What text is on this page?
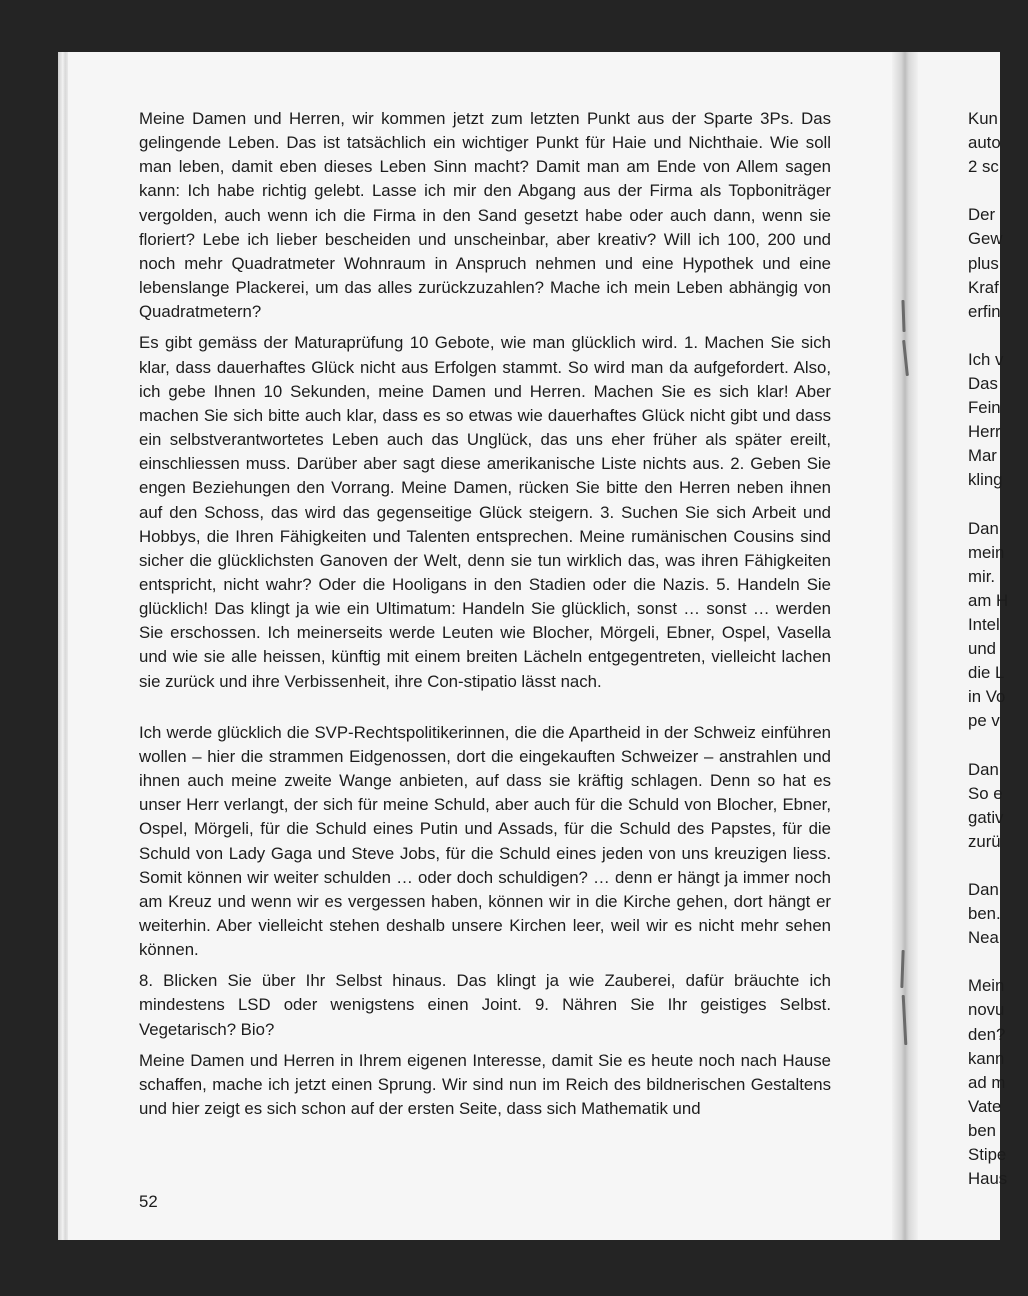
Meine Damen und Herren, wir kommen jetzt zum letzten Punkt aus der Sparte 3Ps. Das gelingende Leben. Das ist tatsächlich ein wichtiger Punkt für Haie und Nichthaie. Wie soll man leben, damit eben dieses Leben Sinn macht? Damit man am Ende von Allem sagen kann: Ich habe richtig gelebt. Lasse ich mir den Abgang aus der Firma als Topboniträger vergolden, auch wenn ich die Firma in den Sand gesetzt habe oder auch dann, wenn sie floriert? Lebe ich lieber bescheiden und unscheinbar, aber kreativ? Will ich 100, 200 und noch mehr Quadratmeter Wohnraum in Anspruch nehmen und eine Hypothek und eine lebenslange Plackerei, um das alles zurückzuzahlen? Mache ich mein Leben abhängig von Quadratmetern?

Es gibt gemäss der Maturaprüfung 10 Gebote, wie man glücklich wird. 1. Machen Sie sich klar, dass dauerhaftes Glück nicht aus Erfolgen stammt. So wird man da aufgefordert. Also, ich gebe Ihnen 10 Sekunden, meine Damen und Herren. Machen Sie es sich klar! Aber machen Sie sich bitte auch klar, dass es so etwas wie dauerhaftes Glück nicht gibt und dass ein selbstverantwortetes Leben auch das Unglück, das uns eher früher als später ereilt, einschliessen muss. Darüber aber sagt diese amerikanische Liste nichts aus. 2. Geben Sie engen Beziehungen den Vorrang. Meine Damen, rücken Sie bitte den Herren neben ihnen auf den Schoss, das wird das gegenseitige Glück steigern. 3. Suchen Sie sich Arbeit und Hobbys, die Ihren Fähigkeiten und Talenten entsprechen. Meine rumänischen Cousins sind sicher die glücklichsten Ganoven der Welt, denn sie tun wirklich das, was ihren Fähigkeiten entspricht, nicht wahr? Oder die Hooligans in den Stadien oder die Nazis. 5. Handeln Sie glücklich! Das klingt ja wie ein Ultimatum: Handeln Sie glücklich, sonst … sonst … werden Sie erschossen. Ich meinerseits werde Leuten wie Blocher, Mörgeli, Ebner, Ospel, Vasella und wie sie alle heissen, künftig mit einem breiten Lächeln entgegentreten, vielleicht lachen sie zurück und ihre Verbissenheit, ihre Con-stipatio lässt nach.

Ich werde glücklich die SVP-Rechtspolitikerinnen, die die Apartheid in der Schweiz einführen wollen – hier die strammen Eidgenossen, dort die eingekauften Schweizer – anstrahlen und ihnen auch meine zweite Wange anbieten, auf dass sie kräftig schlagen. Denn so hat es unser Herr verlangt, der sich für meine Schuld, aber auch für die Schuld von Blocher, Ebner, Ospel, Mörgeli, für die Schuld eines Putin und Assads, für die Schuld des Papstes, für die Schuld von Lady Gaga und Steve Jobs, für die Schuld eines jeden von uns kreuzigen liess. Somit können wir weiter schulden … oder doch schuldigen? … denn er hängt ja immer noch am Kreuz und wenn wir es vergessen haben, können wir in die Kirche gehen, dort hängt er weiterhin. Aber vielleicht stehen deshalb unsere Kirchen leer, weil wir es nicht mehr sehen können.

8. Blicken Sie über Ihr Selbst hinaus. Das klingt ja wie Zauberei, dafür bräuchte ich mindestens LSD oder wenigstens einen Joint. 9. Nähren Sie Ihr geistiges Selbst. Vegetarisch? Bio?

Meine Damen und Herren in Ihrem eigenen Interesse, damit Sie es heute noch nach Hause schaffen, mache ich jetzt einen Sprung. Wir sind nun im Reich des bildnerischen Gestaltens und hier zeigt es sich schon auf der ersten Seite, dass sich Mathematik und

52
Kun
auto
2 sc
Der
Gew
plus
Kraf
erfin
Ich v
Das
Fein
Herr
Mar
kling
Dan
mein
mir.
am H
Intel
und
die L
in Vo
pe v
Dan
So e
gativ
zurü
Dan
ben.
Nea
Mein
novu
den?
kann
ad m
Vate
ben
Stipe
Haus
